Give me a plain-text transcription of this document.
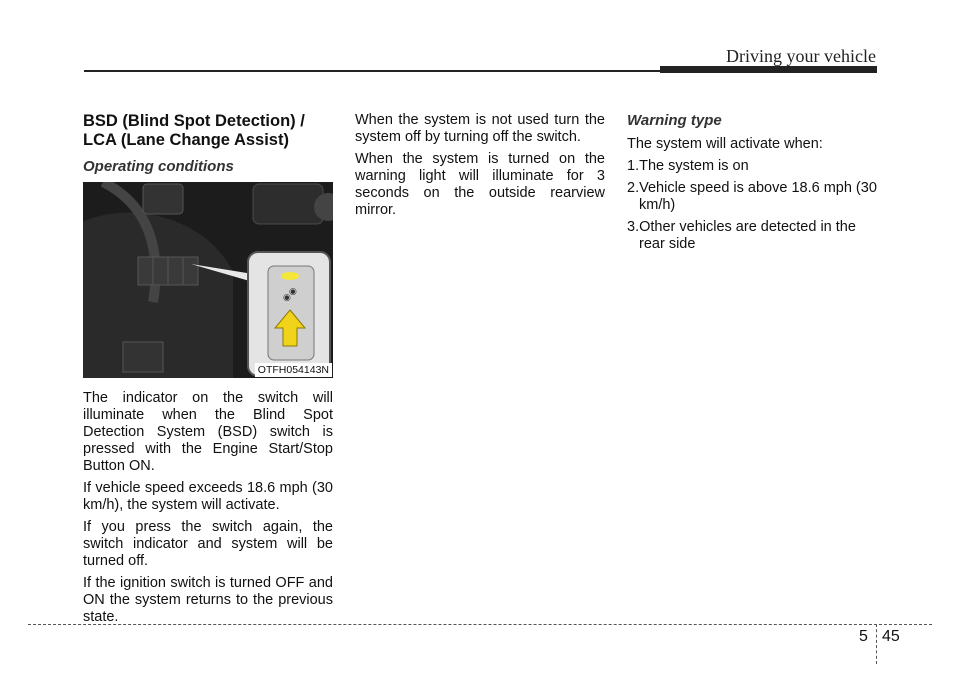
Driving your vehicle
BSD (Blind Spot Detection) /
LCA (Lane Change Assist)
Operating conditions
◉
◉
OTFH054143N

The indicator on the switch will illuminate when the Blind Spot Detection System (BSD) switch is pressed with the Engine Start/Stop Button ON.

If vehicle speed exceeds 18.6 mph (30 km/h), the system will activate.

If you press the switch again, the switch indicator and system will be turned off.

If the ignition switch is turned OFF and ON the system returns to the previous state.

When the system is not used turn the system off by turning off the switch.

When the system is turned on the warning light will illuminate for 3 seconds on the outside rearview mirror.

Warning type

The system will activate when:

1.The system is on
2.Vehicle speed is above 18.6 mph (30 km/h)
3.Other vehicles are detected in the rear side
5 45
